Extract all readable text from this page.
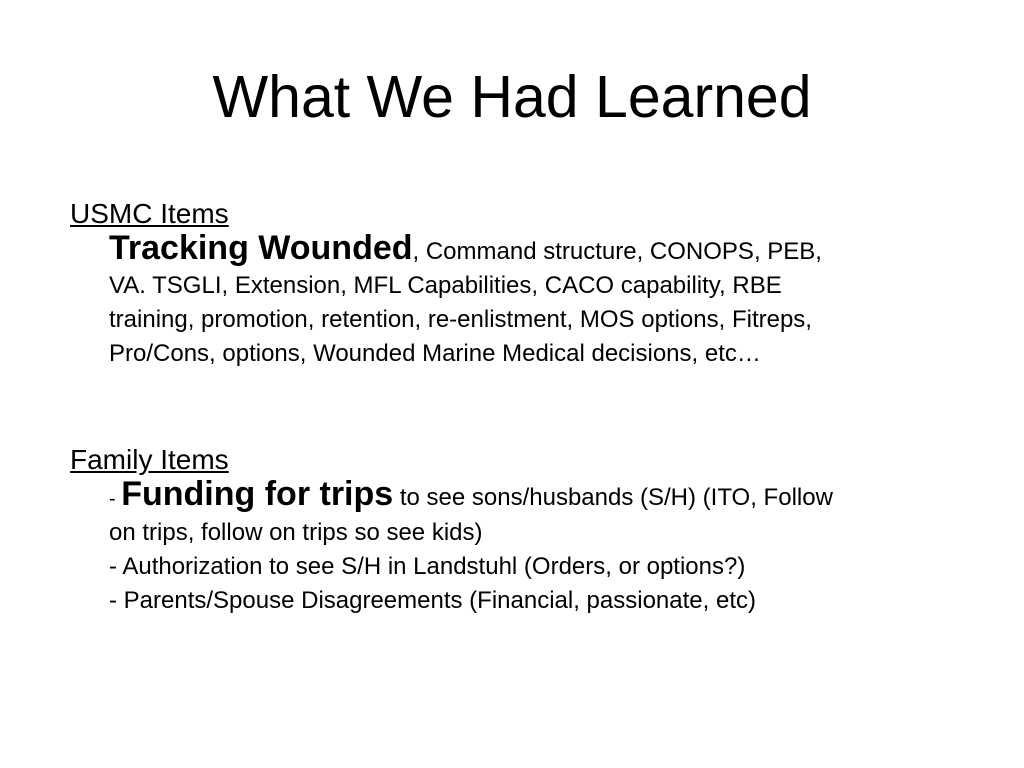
What We Had Learned

USMC Items

Tracking Wounded, Command structure, CONOPS, PEB,
VA. TSGLI, Extension, MFL Capabilities, CACO capability, RBE
training, promotion, retention, re-enlistment, MOS options, Fitreps,
Pro/Cons, options, Wounded Marine Medical decisions, etc…

Family Items

- Funding for trips to see sons/husbands (S/H) (ITO, Follow
on trips, follow on trips so see kids)
- Authorization to see S/H in Landstuhl (Orders, or options?)
- Parents/Spouse Disagreements (Financial, passionate, etc)
